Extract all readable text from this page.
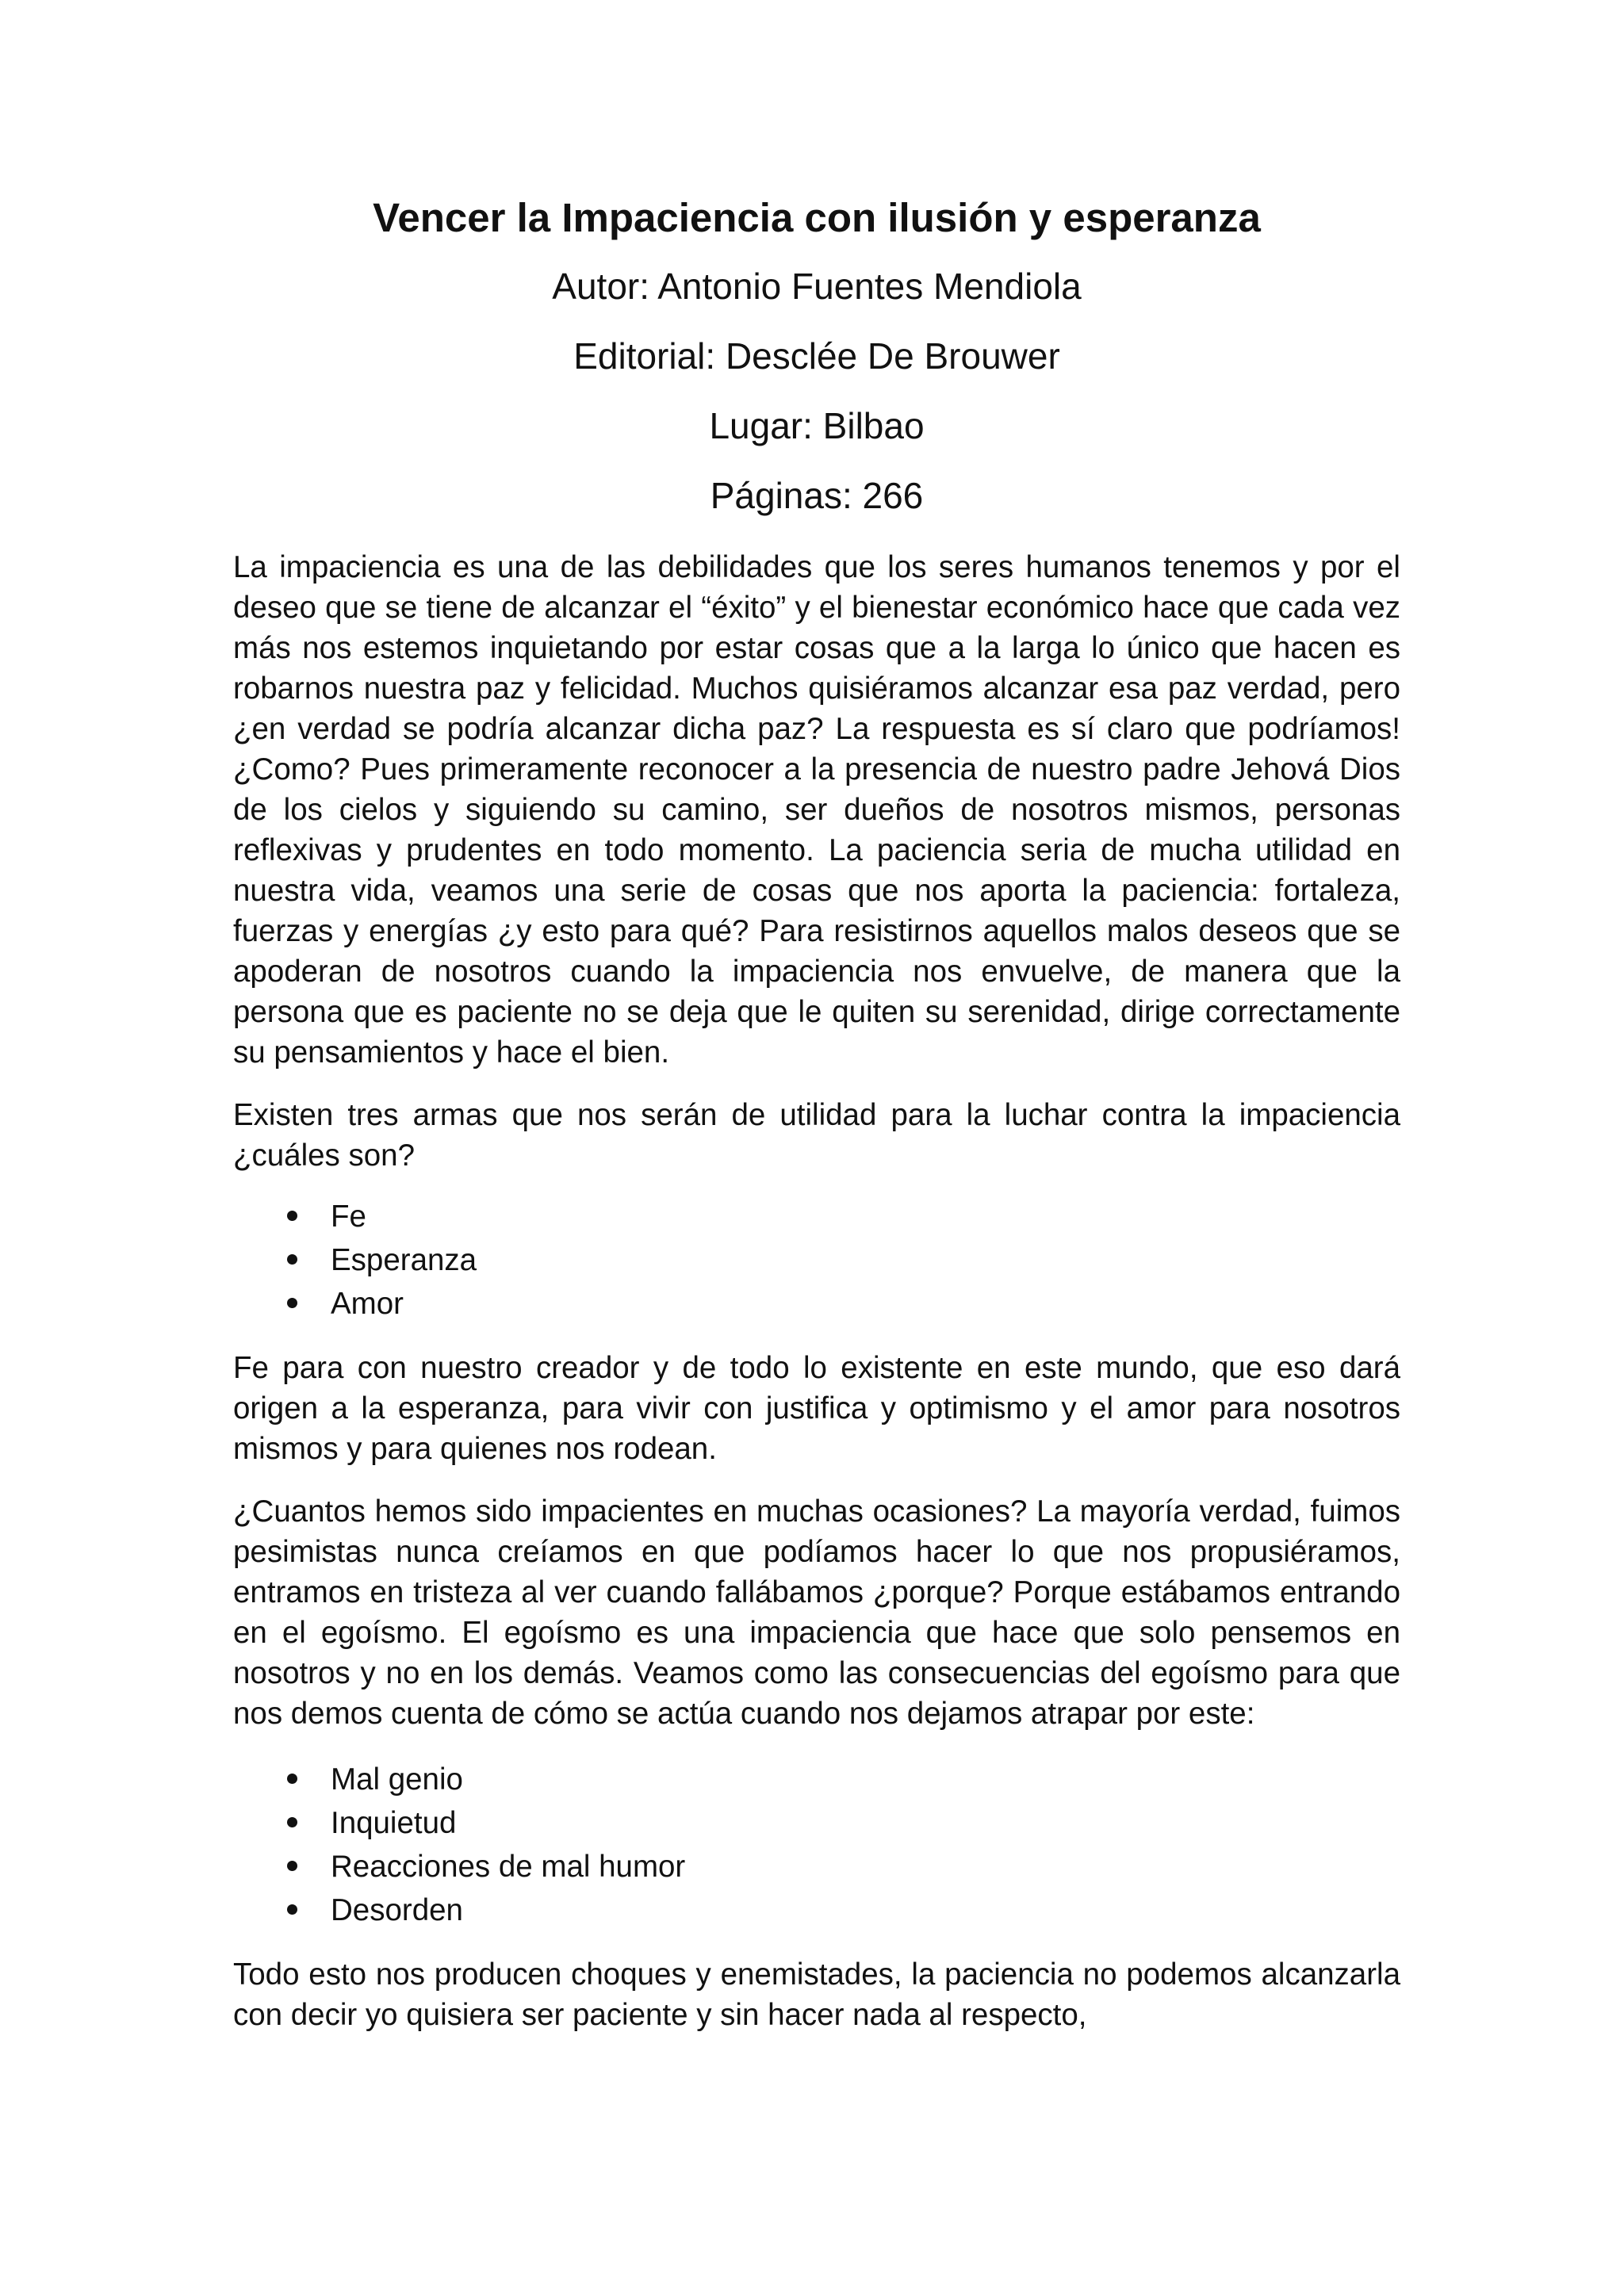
Vencer la Impaciencia con ilusión y esperanza
Autor: Antonio Fuentes Mendiola
Editorial: Desclée De Brouwer
Lugar: Bilbao
Páginas: 266

La impaciencia es una de las debilidades que los seres humanos tenemos y por el deseo que se tiene de alcanzar el “éxito” y el bienestar económico hace que cada vez más nos estemos inquietando por estar cosas que a la larga lo único que hacen es robarnos nuestra paz y felicidad. Muchos quisiéramos alcanzar esa paz verdad, pero ¿en verdad se podría alcanzar dicha paz? La respuesta es sí claro que podríamos! ¿Como? Pues primeramente reconocer a la presencia de nuestro padre Jehová Dios de los cielos y siguiendo su camino, ser dueños de nosotros mismos, personas reflexivas y prudentes en todo momento. La paciencia seria de mucha utilidad en nuestra vida, veamos una serie de cosas que nos aporta la paciencia: fortaleza, fuerzas y energías ¿y esto para qué? Para resistirnos aquellos malos deseos que se apoderan de nosotros cuando la impaciencia nos envuelve, de manera que la persona que es paciente no se deja que le quiten su serenidad, dirige correctamente su pensamientos y hace el bien.

Existen tres armas que nos serán de utilidad para la luchar contra la impaciencia ¿cuáles son?

Fe
Esperanza
Amor

Fe para con nuestro creador y de todo lo existente en este mundo, que eso dará origen a la esperanza, para vivir con justifica y optimismo y el amor para nosotros mismos y para quienes nos rodean.

¿Cuantos hemos sido impacientes en muchas ocasiones? La mayoría verdad, fuimos pesimistas nunca creíamos en que podíamos hacer lo que nos propusiéramos, entramos en tristeza al ver cuando fallábamos ¿porque? Porque estábamos entrando en el egoísmo. El egoísmo es una impaciencia que hace que solo pensemos en nosotros y no en los demás. Veamos como las consecuencias del egoísmo para que nos demos cuenta de cómo se actúa cuando nos dejamos atrapar por este:

Mal genio
Inquietud
Reacciones de mal humor
Desorden

Todo esto nos producen choques y enemistades, la paciencia no podemos alcanzarla con decir yo quisiera ser paciente y sin hacer nada al respecto,
